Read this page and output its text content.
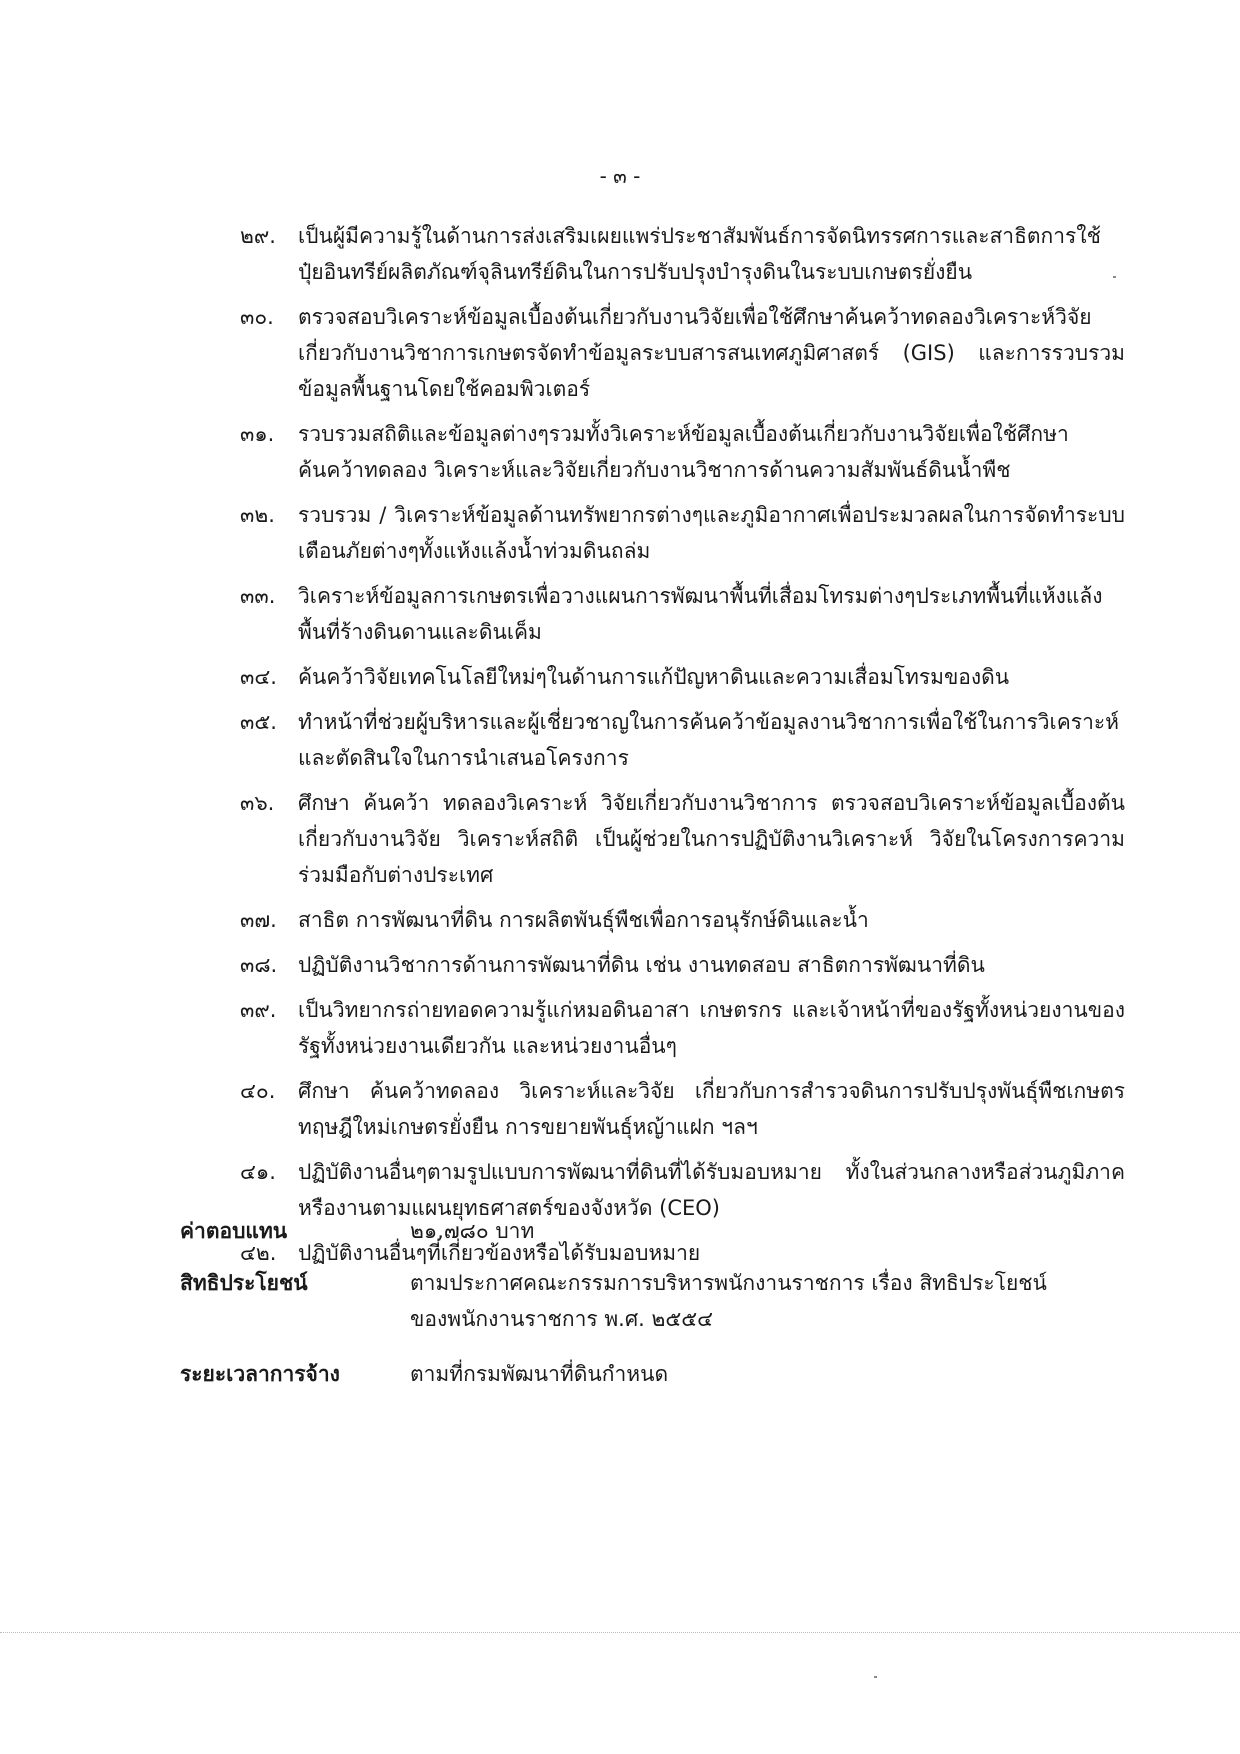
- ๓ -
๒๙. เป็นผู้มีความรู้ในด้านการส่งเสริมเผยแพร่ประชาสัมพันธ์การจัดนิทรรศการและสาธิตการใช้ปุ๋ยอินทรีย์ผลิตภัณฑ์จุลินทรีย์ดินในการปรับปรุงบำรุงดินในระบบเกษตรยั่งยืน
๓๐. ตรวจสอบวิเคราะห์ข้อมูลเบื้องต้นเกี่ยวกับงานวิจัยเพื่อใช้ศึกษาค้นคว้าทดลองวิเคราะห์วิจัยเกี่ยวกับงานวิชาการเกษตรจัดทำข้อมูลระบบสารสนเทศภูมิศาสตร์ (GIS) และการรวบรวมข้อมูลพื้นฐานโดยใช้คอมพิวเตอร์
๓๑. รวบรวมสถิติและข้อมูลต่างๆรวมทั้งวิเคราะห์ข้อมูลเบื้องต้นเกี่ยวกับงานวิจัยเพื่อใช้ศึกษาค้นคว้าทดลอง วิเคราะห์และวิจัยเกี่ยวกับงานวิชาการด้านความสัมพันธ์ดินน้ำพืช
๓๒. รวบรวม / วิเคราะห์ข้อมูลด้านทรัพยากรต่างๆและภูมิอากาศเพื่อประมวลผลในการจัดทำระบบเตือนภัยต่างๆทั้งแห้งแล้งน้ำท่วมดินถล่ม
๓๓. วิเคราะห์ข้อมูลการเกษตรเพื่อวางแผนการพัฒนาพื้นที่เสื่อมโทรมต่างๆประเภทพื้นที่แห้งแล้งพื้นที่ร้างดินดานและดินเค็ม
๓๔. ค้นคว้าวิจัยเทคโนโลยีใหม่ๆในด้านการแก้ปัญหาดินและความเสื่อมโทรมของดิน
๓๕. ทำหน้าที่ช่วยผู้บริหารและผู้เชี่ยวชาญในการค้นคว้าข้อมูลงานวิชาการเพื่อใช้ในการวิเคราะห์และตัดสินใจในการนำเสนอโครงการ
๓๖. ศึกษา ค้นคว้า ทดลองวิเคราะห์ วิจัยเกี่ยวกับงานวิชาการ ตรวจสอบวิเคราะห์ข้อมูลเบื้องต้นเกี่ยวกับงานวิจัย วิเคราะห์สถิติ เป็นผู้ช่วยในการปฏิบัติงานวิเคราะห์ วิจัยในโครงการความร่วมมือกับต่างประเทศ
๓๗. สาธิต การพัฒนาที่ดิน การผลิตพันธุ์พืชเพื่อการอนุรักษ์ดินและน้ำ
๓๘. ปฏิบัติงานวิชาการด้านการพัฒนาที่ดิน เช่น งานทดสอบ สาธิตการพัฒนาที่ดิน
๓๙. เป็นวิทยากรถ่ายทอดความรู้แก่หมอดินอาสา เกษตรกร และเจ้าหน้าที่ของรัฐทั้งหน่วยงานของรัฐทั้งหน่วยงานเดียวกัน และหน่วยงานอื่นๆ
๔๐. ศึกษา ค้นคว้าทดลอง วิเคราะห์และวิจัย เกี่ยวกับการสำรวจดินการปรับปรุงพันธุ์พืชเกษตรทฤษฎีใหม่เกษตรยั่งยืน การขยายพันธุ์หญ้าแฝก ฯลฯ
๔๑. ปฏิบัติงานอื่นๆตามรูปแบบการพัฒนาที่ดินที่ได้รับมอบหมาย ทั้งในส่วนกลางหรือส่วนภูมิภาคหรืองานตามแผนยุทธศาสตร์ของจังหวัด (CEO)
๔๒. ปฏิบัติงานอื่นๆที่เกี่ยวข้องหรือได้รับมอบหมาย
ค่าตอบแทน	๒๑,๗๘๐ บาท
สิทธิประโยชน์	ตามประกาศคณะกรรมการบริหารพนักงานราชการ เรื่อง สิทธิประโยชน์ของพนักงานราชการ พ.ศ. ๒๕๕๔
ระยะเวลาการจ้าง	ตามที่กรมพัฒนาที่ดินกำหนด
